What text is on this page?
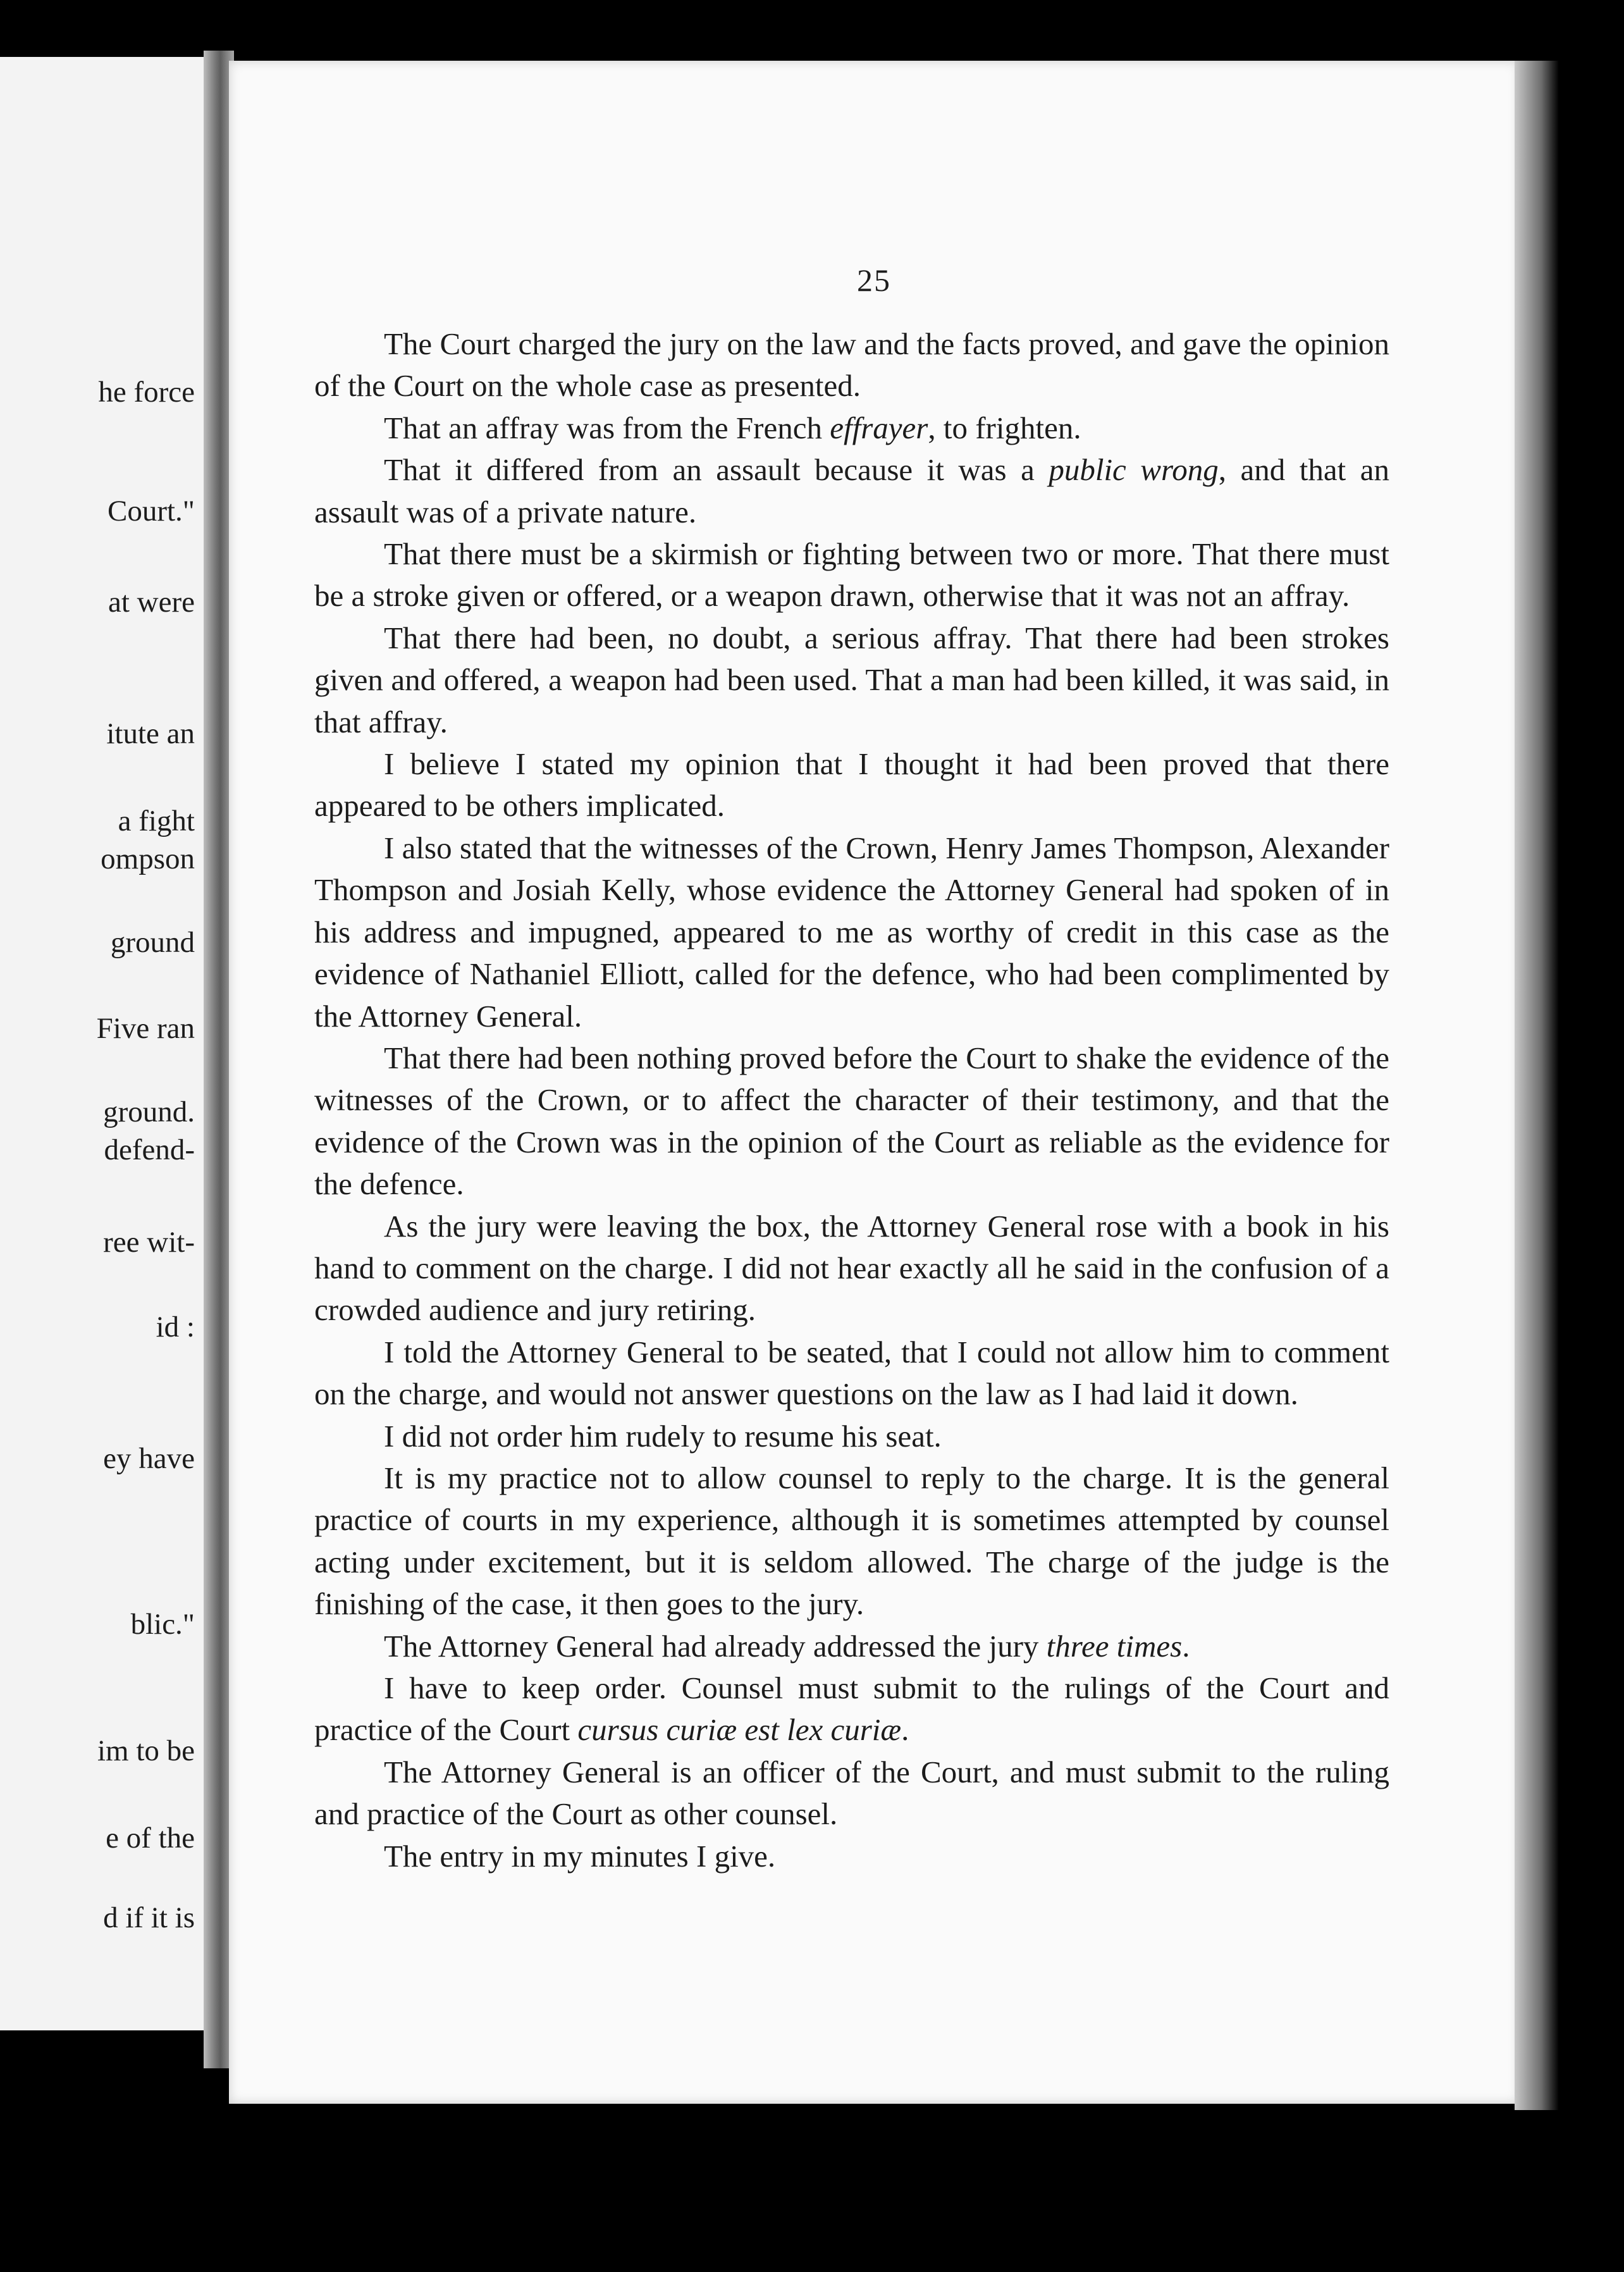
he force
Court."
at were
itute an
a fight
ompson
ground
Five ran
ground.
defend-
ree wit-
id :
ey have
blic."
im to be
e of the
d if it is
25

The Court charged the jury on the law and the facts proved, and gave the opinion of the Court on the whole case as presented.

That an affray was from the French effrayer, to frighten.

That it differed from an assault because it was a public wrong, and that an assault was of a private nature.

That there must be a skirmish or fighting between two or more. That there must be a stroke given or offered, or a weapon drawn, otherwise that it was not an affray.

That there had been, no doubt, a serious affray. That there had been strokes given and offered, a weapon had been used. That a man had been killed, it was said, in that affray.

I believe I stated my opinion that I thought it had been proved that there appeared to be others implicated.

I also stated that the witnesses of the Crown, Henry James Thompson, Alexander Thompson and Josiah Kelly, whose evidence the Attorney General had spoken of in his address and impugned, appeared to me as worthy of credit in this case as the evidence of Nathaniel Elliott, called for the defence, who had been complimented by the Attorney General.

That there had been nothing proved before the Court to shake the evidence of the witnesses of the Crown, or to affect the character of their testimony, and that the evidence of the Crown was in the opinion of the Court as reliable as the evidence for the defence.

As the jury were leaving the box, the Attorney General rose with a book in his hand to comment on the charge. I did not hear exactly all he said in the confusion of a crowded audience and jury retiring.

I told the Attorney General to be seated, that I could not allow him to comment on the charge, and would not answer questions on the law as I had laid it down.

I did not order him rudely to resume his seat.

It is my practice not to allow counsel to reply to the charge. It is the general practice of courts in my experience, although it is sometimes attempted by counsel acting under excitement, but it is seldom allowed. The charge of the judge is the finishing of the case, it then goes to the jury.

The Attorney General had already addressed the jury three times.

I have to keep order. Counsel must submit to the rulings of the Court and practice of the Court cursus curiæ est lex curiæ.

The Attorney General is an officer of the Court, and must submit to the ruling and practice of the Court as other counsel.

The entry in my minutes I give.
